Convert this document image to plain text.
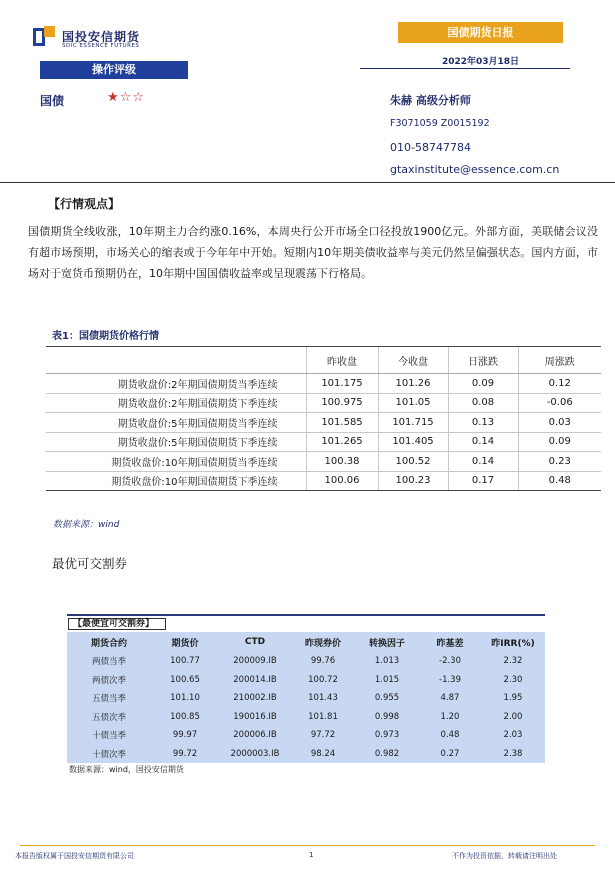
国投安信期货
SDIC ESSENCE FUTURES
国债期货日报
2022年03月18日
操作评级
国债	★☆☆	朱赫 高级分析师
F3071059 Z0015192
010-58747784
gtaxinstitute@essence.com.cn
【行情观点】
国债期货全线收涨，10年期主力合约涨0.16%，本周央行公开市场全口径投放1900亿元。外部方面，美联储会议没有超市场预期，市场关心的缩表或于今年年中开始。短期内10年期美债收益率与美元仍然呈偏强状态。国内方面，市场对于宽货币预期仍在，10年期中国国债收益率或呈现震荡下行格局。
表1：国债期货价格行情
	昨收盘	今收盘	日涨跌	周涨跌
期货收盘价:2年期国债期货当季连续	101.175	101.26	0.09	0.12
期货收盘价:2年期国债期货下季连续	100.975	101.05	0.08	-0.06
期货收盘价:5年期国债期货当季连续	101.585	101.715	0.13	0.03
期货收盘价:5年期国债期货下季连续	101.265	101.405	0.14	0.09
期货收盘价:10年期国债期货当季连续	100.38	100.52	0.14	0.23
期货收盘价:10年期国债期货下季连续	100.06	100.23	0.17	0.48
数据来源：wind
最优可交割券
【最便宜可交割券】
期货合约	期货价	CTD	昨现券价	转换因子	昨基差	昨IRR(%)
两债当季	100.77	200009.IB	99.76	1.013	-2.30	2.32
两债次季	100.65	200014.IB	100.72	1.015	-1.39	2.30
五债当季	101.10	210002.IB	101.43	0.955	4.87	1.95
五债次季	100.85	190016.IB	101.81	0.998	1.20	2.00
十债当季	99.97	200006.IB	97.72	0.973	0.48	2.03
十债次季	99.72	2000003.IB	98.24	0.982	0.27	2.38
数据来源：wind，国投安信期货
本报告版权属于国投安信期货有限公司	1	不作为投资依据，转载请注明出处
